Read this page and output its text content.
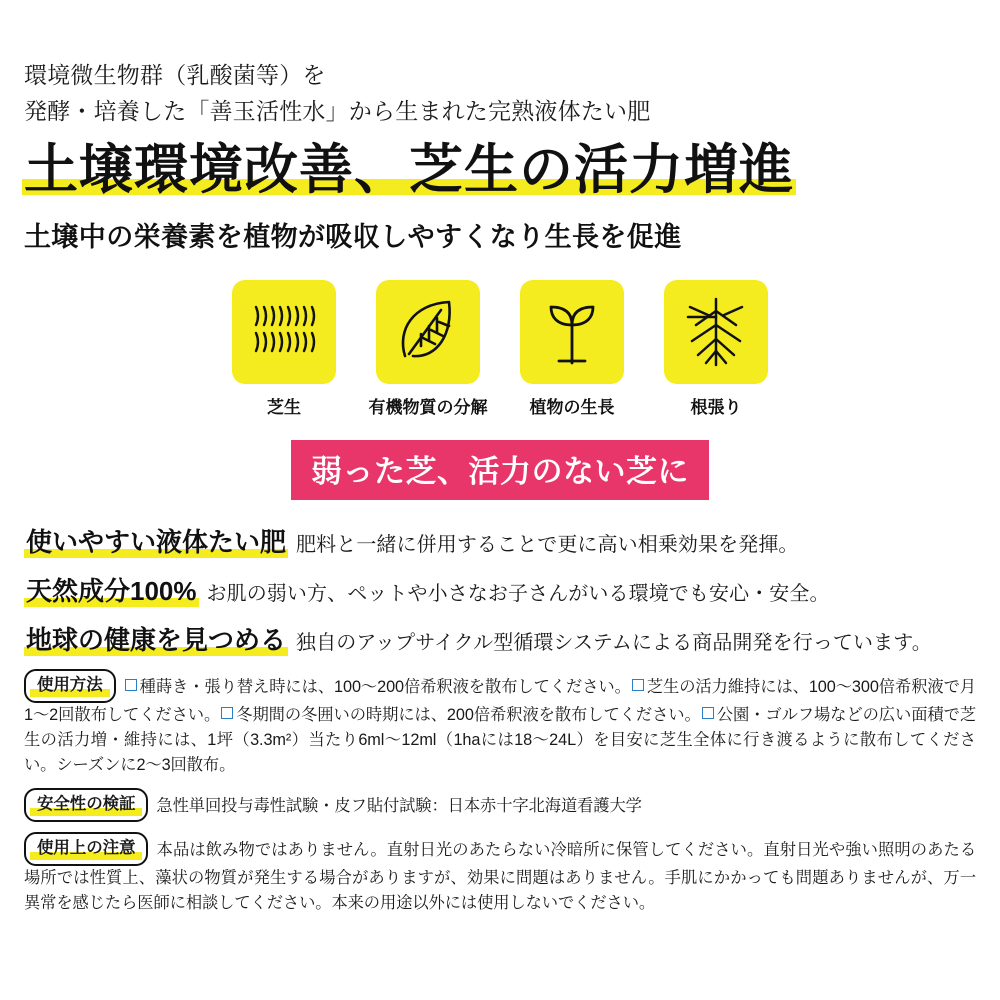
環境微生物群（乳酸菌等）を
発酵・培養した「善玉活性水」から生まれた完熟液体たい肥
土壌環境改善、芝生の活力増進
土壌中の栄養素を植物が吸収しやすくなり生長を促進
芝生	有機物質の分解 植物の生長	根張り
弱った芝、活力のない芝に
使いやすい液体たい肥 肥料と一緒に併用することで更に高い相乗効果を発揮。
天然成分100% お肌の弱い方、ペットや小さなお子さんがいる環境でも安心・安全。
地球の健康を見つめる 独自のアップサイクル型循環システムによる商品開発を行っています。
使用方法 種蒔き・張り替え時には、100〜200倍希釈液を散布してください。 芝生の活力維持には、100〜300倍希釈液で月1〜2回散布してください。 冬期間の冬囲いの時期には、200倍希釈液を散布してください。 公園・ゴルフ場などの広い面積で芝生の活力増・維持には、1坪（3.3m²）当たり6ml〜12ml（1haには18〜24L）を目安に芝生全体に行き渡るように散布してください。シーズンに2〜3回散布。
安全性の検証 急性単回投与毒性試験・皮フ貼付試験：日本赤十字北海道看護大学
使用上の注意 本品は飲み物ではありません。直射日光のあたらない冷暗所に保管してください。直射日光や強い照明のあたる場所では性質上、藻状の物質が発生する場合がありますが、効果に問題はありません。手肌にかかっても問題ありませんが、万一異常を感じたら医師に相談してください。本来の用途以外には使用しないでください。
